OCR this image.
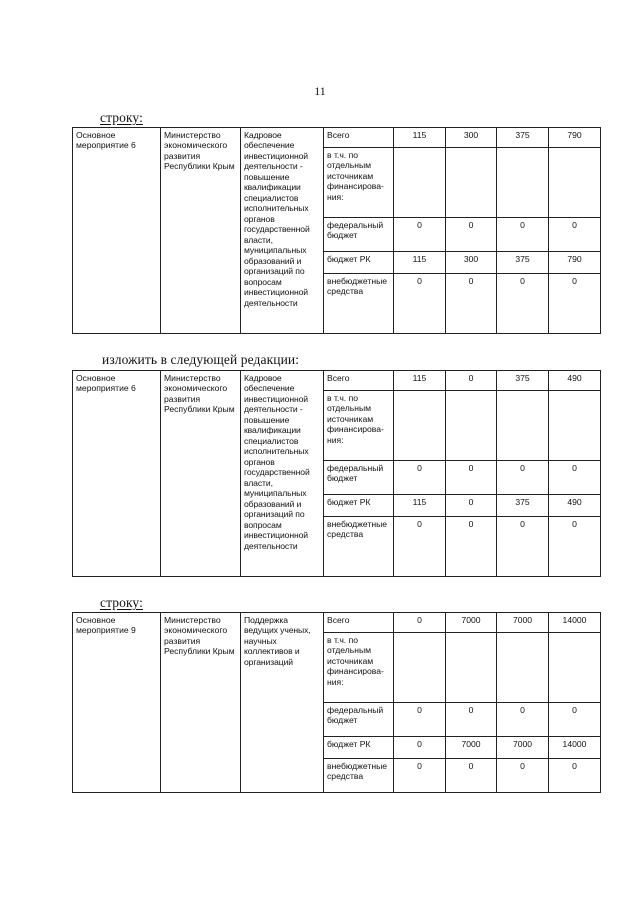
11
строку:
Основное мероприятие 6	Министерство экономического развития Республики Крым	Кадровое обеспечение инвестиционной деятельности - повышение квалификации специалистов исполнительных органов государственной власти, муниципальных образований и организаций по вопросам инвестиционной деятельности	Всего	115	300	375	790
			в т.ч. по отдельным источникам финансирова-ния:				
			федеральный бюджет	0	0	0	0
			бюджет РК	115	300	375	790
			внебюджетные средства	0	0	0	0
изложить в следующей редакции:
Основное мероприятие 6	Министерство экономического развития Республики Крым	Кадровое обеспечение инвестиционной деятельности - повышение квалификации специалистов исполнительных органов государственной власти, муниципальных образований и организаций по вопросам инвестиционной деятельности	Всего	115	0	375	490
			в т.ч. по отдельным источникам финансирова-ния:				
			федеральный бюджет	0	0	0	0
			бюджет РК	115	0	375	490
			внебюджетные средства	0	0	0	0
строку:
Основное мероприятие 9	Министерство экономического развития Республики Крым	Поддержка ведущих ученых, научных коллективов и организаций	Всего	0	7000	7000	14000
			в т.ч. по отдельным источникам финансирова-ния:				
			федеральный бюджет	0	0	0	0
			бюджет РК	0	7000	7000	14000
			внебюджетные средства	0	0	0	0
